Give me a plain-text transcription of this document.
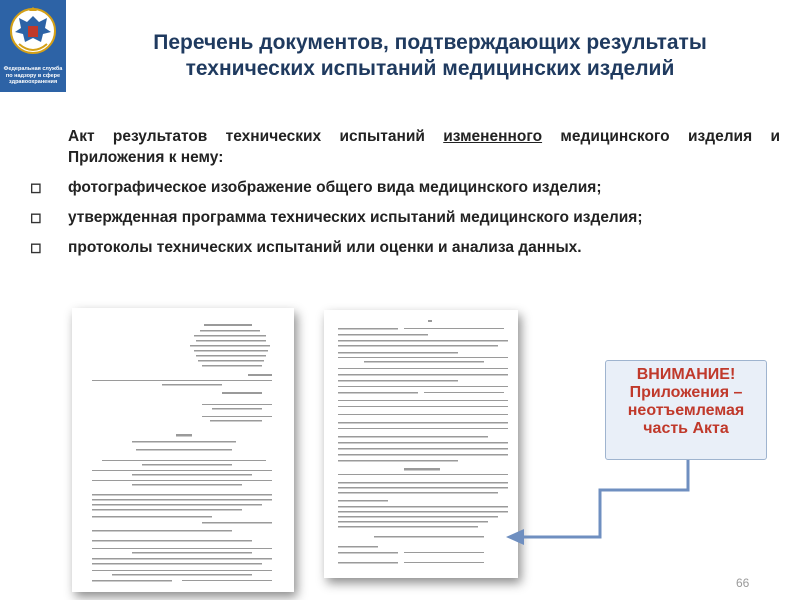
Федеральная служба по надзору в сфере здравоохранения
Перечень документов, подтверждающих результаты технических испытаний медицинских изделий
Акт результатов технических испытаний измененного медицинского изделия и Приложения к нему:
◻	фотографическое изображение общего вида медицинского изделия;
◻	утвержденная программа технических испытаний медицинского изделия;
◻	протоколы технических испытаний или оценки и анализа данных.
ВНИМАНИЕ!
Приложения –
неотъемлемая
часть Акта
66
